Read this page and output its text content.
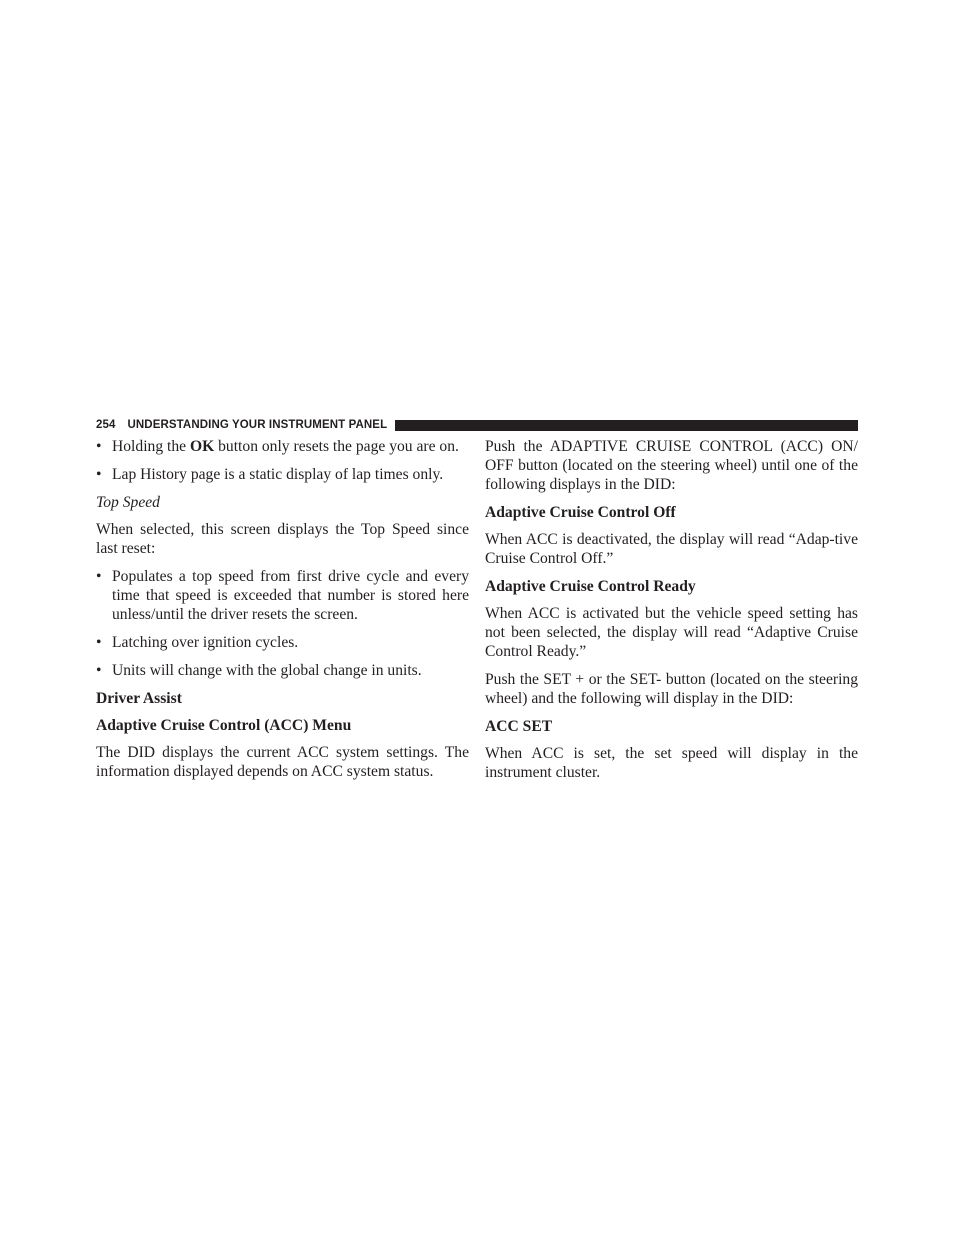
254 UNDERSTANDING YOUR INSTRUMENT PANEL
• Holding the OK button only resets the page you are on.
• Lap History page is a static display of lap times only.
Top Speed

When selected, this screen displays the Top Speed since last reset:

• Populates a top speed from first drive cycle and every time that speed is exceeded that number is stored here unless/until the driver resets the screen.
• Latching over ignition cycles.
• Units will change with the global change in units.
Driver Assist
Adaptive Cruise Control (ACC) Menu

The DID displays the current ACC system settings. The information displayed depends on ACC system status.

Push the ADAPTIVE CRUISE CONTROL (ACC) ON/ OFF button (located on the steering wheel) until one of the following displays in the DID:

Adaptive Cruise Control Off

When ACC is deactivated, the display will read “Adap-tive Cruise Control Off.”

Adaptive Cruise Control Ready

When ACC is activated but the vehicle speed setting has not been selected, the display will read “Adaptive Cruise Control Ready.”

Push the SET + or the SET- button (located on the steering wheel) and the following will display in the DID:

ACC SET

When ACC is set, the set speed will display in the instrument cluster.
